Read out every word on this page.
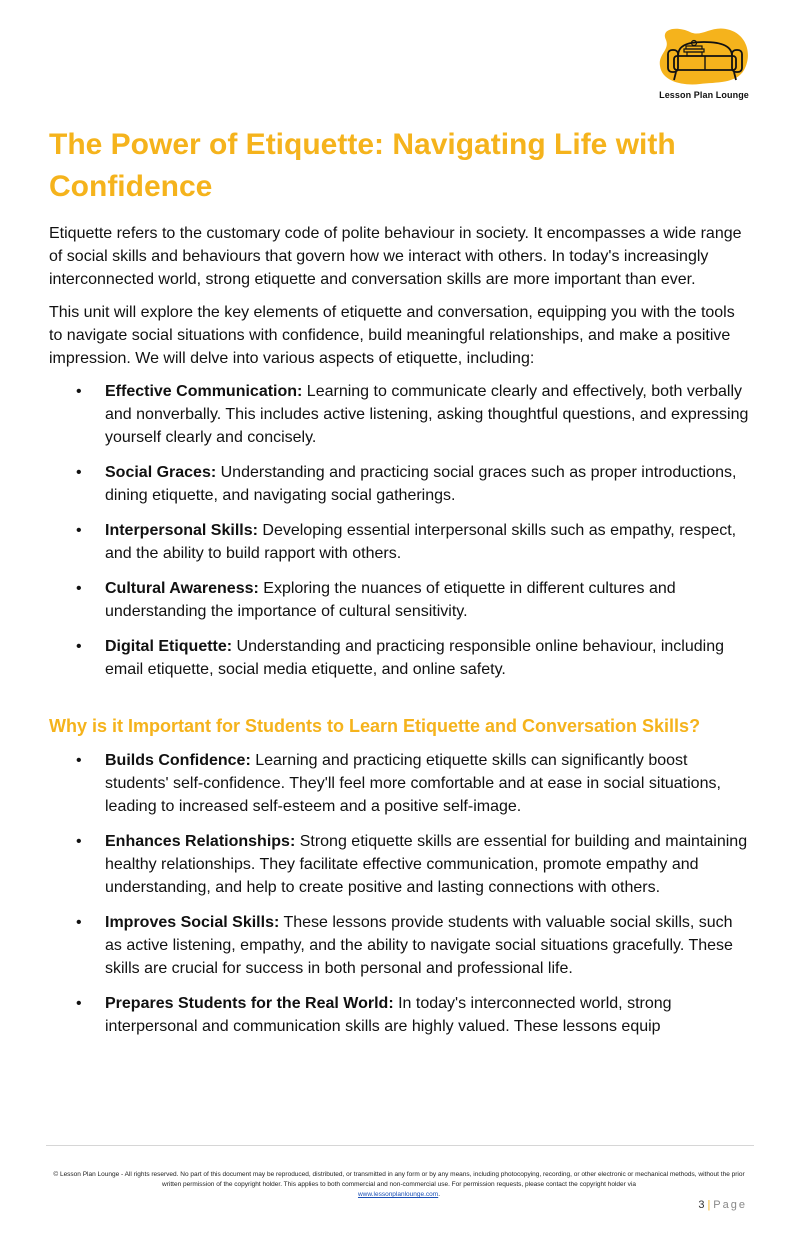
Lesson Plan Lounge
The Power of Etiquette: Navigating Life with Confidence

Etiquette refers to the customary code of polite behaviour in society. It encompasses a wide range of social skills and behaviours that govern how we interact with others. In today's increasingly interconnected world, strong etiquette and conversation skills are more important than ever.

This unit will explore the key elements of etiquette and conversation, equipping you with the tools to navigate social situations with confidence, build meaningful relationships, and make a positive impression. We will delve into various aspects of etiquette, including:

• Effective Communication: Learning to communicate clearly and effectively, both verbally and nonverbally. This includes active listening, asking thoughtful questions, and expressing yourself clearly and concisely.
• Social Graces: Understanding and practicing social graces such as proper introductions, dining etiquette, and navigating social gatherings.
• Interpersonal Skills: Developing essential interpersonal skills such as empathy, respect, and the ability to build rapport with others.
• Cultural Awareness: Exploring the nuances of etiquette in different cultures and understanding the importance of cultural sensitivity.
• Digital Etiquette: Understanding and practicing responsible online behaviour, including email etiquette, social media etiquette, and online safety.
Why is it Important for Students to Learn Etiquette and Conversation Skills?
• Builds Confidence: Learning and practicing etiquette skills can significantly boost students' self-confidence. They'll feel more comfortable and at ease in social situations, leading to increased self-esteem and a positive self-image.
• Enhances Relationships: Strong etiquette skills are essential for building and maintaining healthy relationships. They facilitate effective communication, promote empathy and understanding, and help to create positive and lasting connections with others.
• Improves Social Skills: These lessons provide students with valuable social skills, such as active listening, empathy, and the ability to navigate social situations gracefully. These skills are crucial for success in both personal and professional life.
• Prepares Students for the Real World: In today's interconnected world, strong interpersonal and communication skills are highly valued. These lessons equip
© Lesson Plan Lounge - All rights reserved. No part of this document may be reproduced, distributed, or transmitted in any form or by any means, including photocopying, recording, or other electronic or mechanical methods, without the prior written permission of the copyright holder. This applies to both commercial and non-commercial use. For permission requests, please contact the copyright holder via
www.lessonplanlounge.com.
3 | Page
